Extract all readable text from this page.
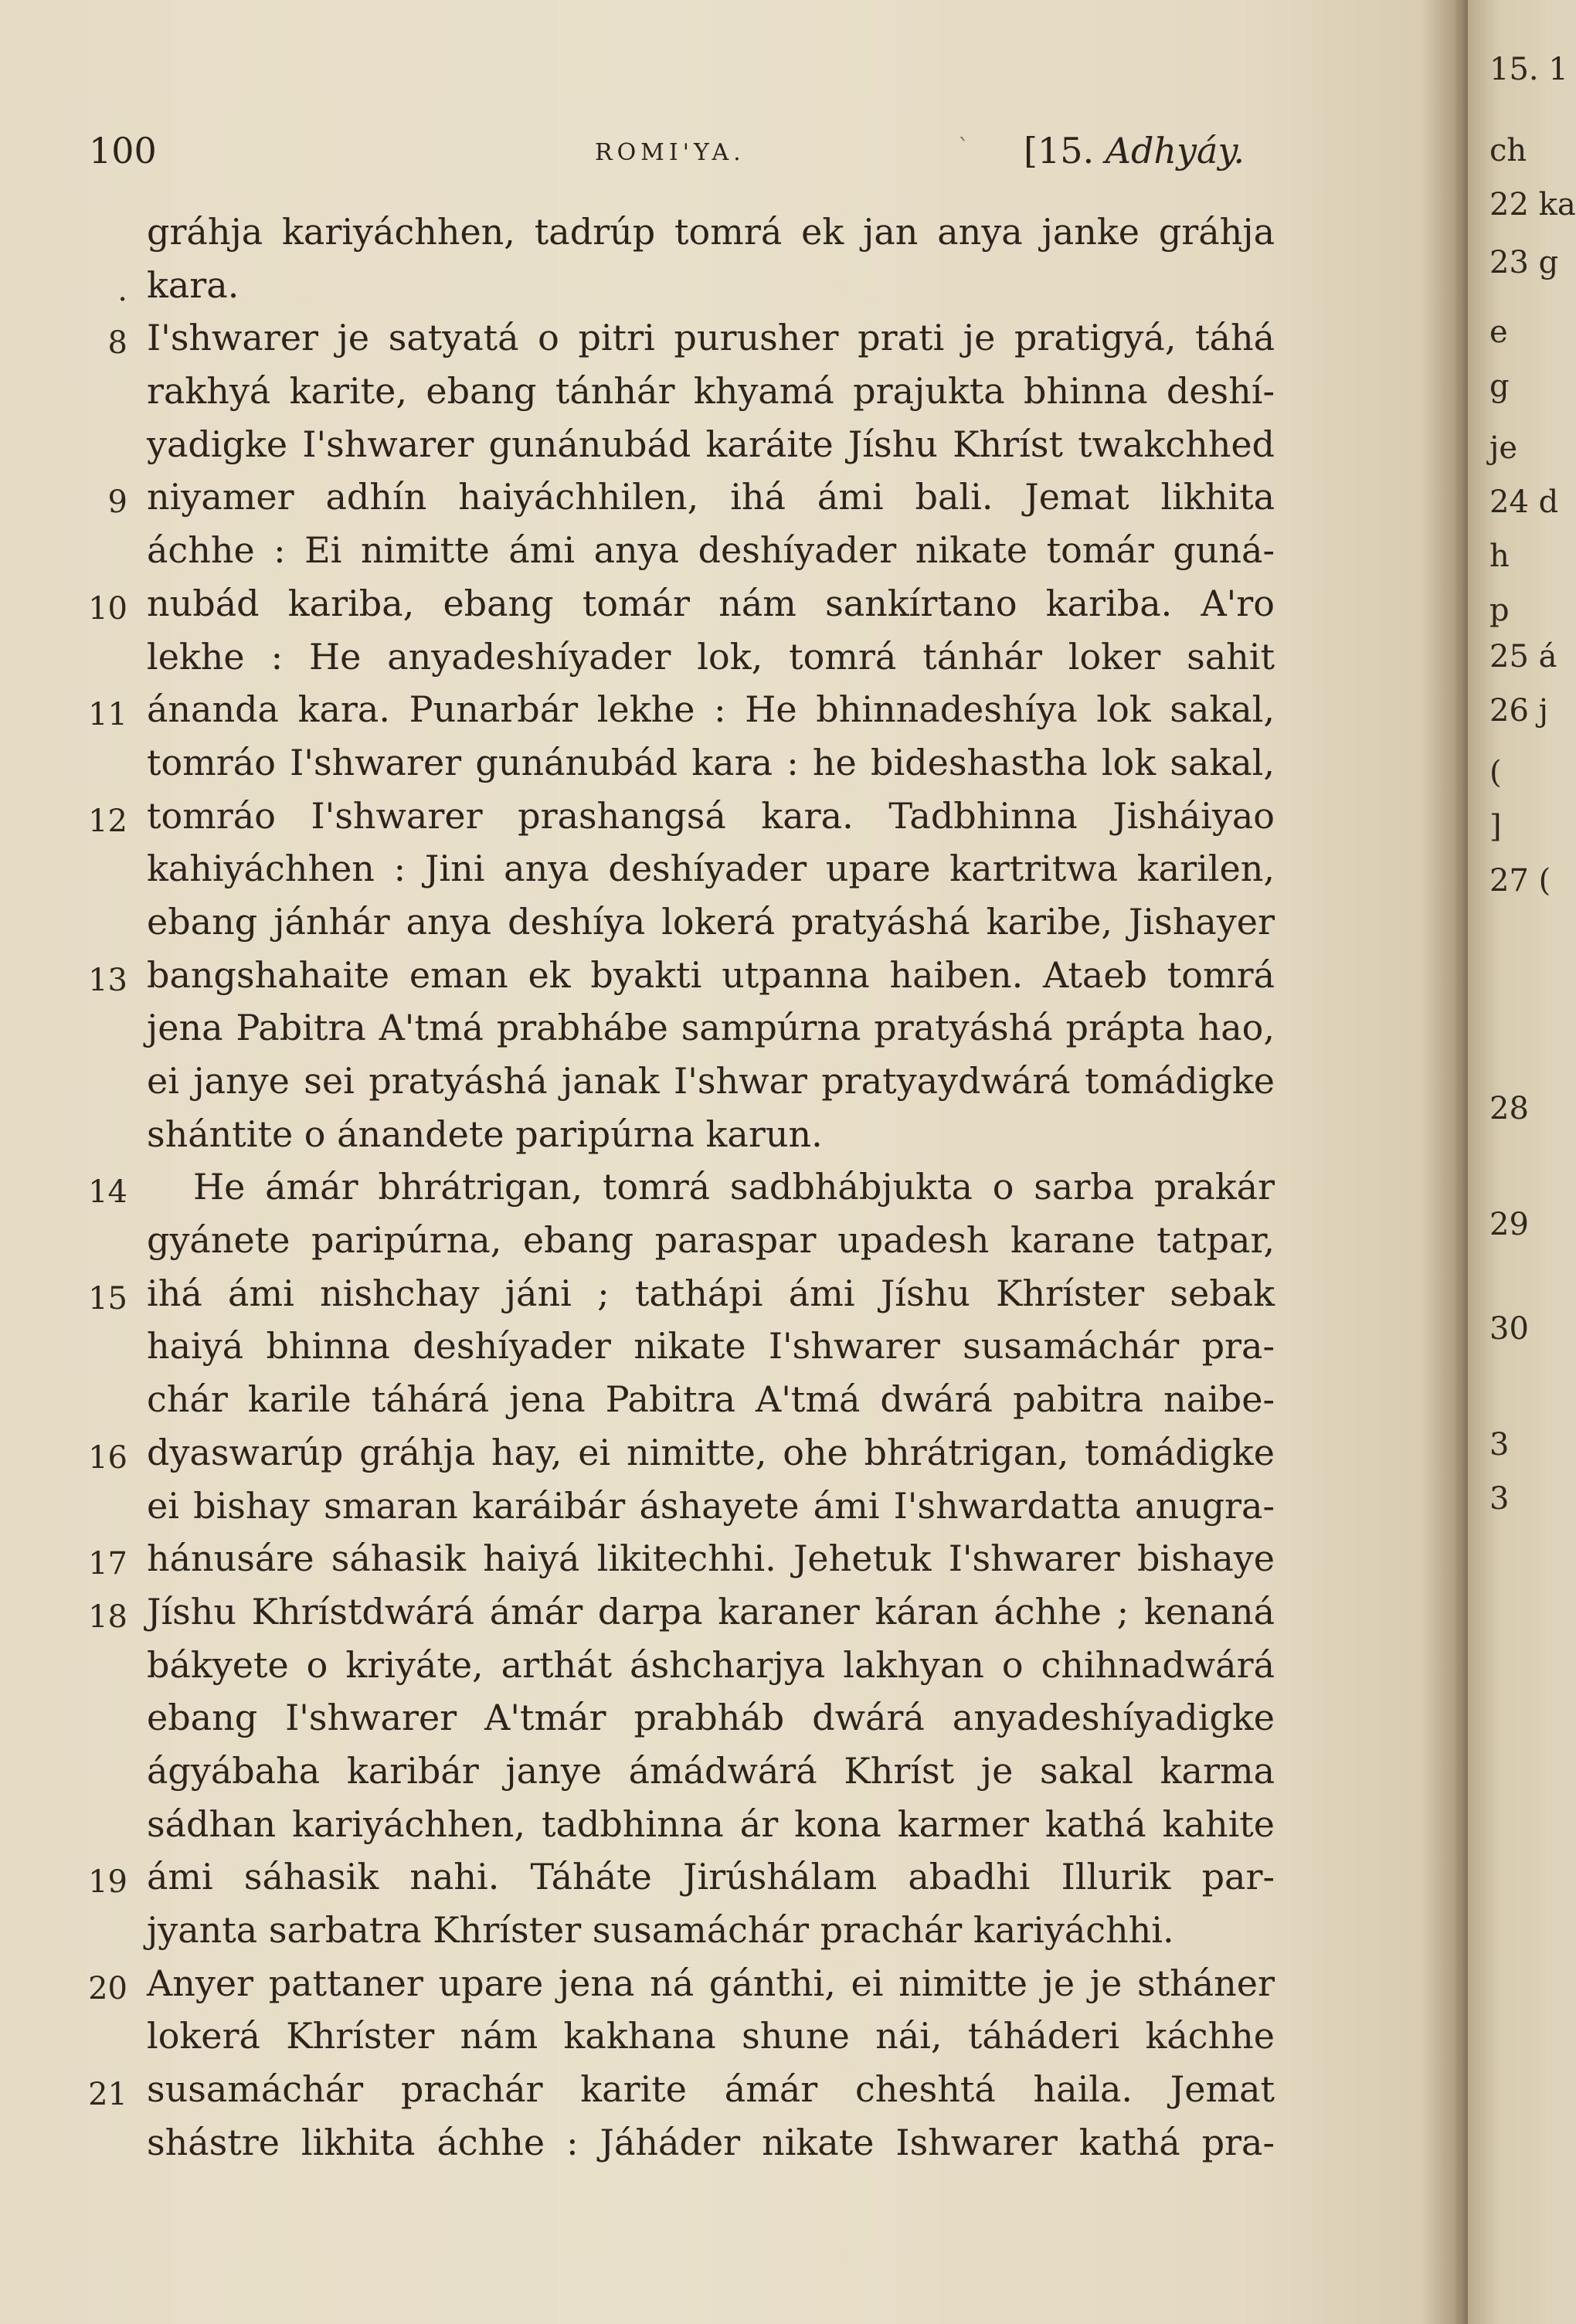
100	ROMI'YA.	ˋ [15. Adhyáy.
gráhja kariyáchhen, tadrúp tomrá ek jan anya janke gráhja
. kara.
8 I'shwarer je satyatá o pitri purusher prati je pratigyá, táhá
rakhyá karite, ebang tánhár khyamá prajukta bhinna deshí-
yadigke I'shwarer gunánubád karáite Jíshu Khríst twakchhed
9 niyamer adhín haiyáchhilen, ihá ámi bali. Jemat likhita
áchhe : Ei nimitte ámi anya deshíyader nikate tomár guná-
10 nubád kariba, ebang tomár nám sankírtano kariba. A'ro
lekhe : He anyadeshíyader lok, tomrá tánhár loker sahit
11 ánanda kara. Punarbár lekhe : He bhinnadeshíya lok sakal,
tomráo I'shwarer gunánubád kara : he bideshastha lok sakal,
12 tomráo I'shwarer prashangsá kara. Tadbhinna Jisháiyao
kahiyáchhen : Jini anya deshíyader upare kartritwa karilen,
ebang jánhár anya deshíya lokerá pratyáshá karibe, Jishayer
13 bangshahaite eman ek byakti utpanna haiben. Ataeb tomrá
jena Pabitra A'tmá prabhábe sampúrna pratyáshá prápta hao,
ei janye sei pratyáshá janak I'shwar pratyaydwárá tomádigke
shántite o ánandete paripúrna karun.
14 He ámár bhrátrigan, tomrá sadbhábjukta o sarba prakár
gyánete paripúrna, ebang paraspar upadesh karane tatpar,
15 ihá ámi nishchay jáni ; tathápi ámi Jíshu Khríster sebak
haiyá bhinna deshíyader nikate I'shwarer susamáchár pra-
chár karile táhárá jena Pabitra A'tmá dwárá pabitra naibe-
16 dyaswarúp gráhja hay, ei nimitte, ohe bhrátrigan, tomádigke
ei bishay smaran karáibár áshayete ámi I'shwardatta anugra-
17 hánusáre sáhasik haiyá likitechhi. Jehetuk I'shwarer bishaye
18 Jíshu Khrístdwárá ámár darpa karaner káran áchhe ; kenaná
bákyete o kriyáte, arthát áshcharjya lakhyan o chihnadwárá
ebang I'shwarer A'tmár prabháb dwárá anyadeshíyadigke
ágyábaha karibár janye ámádwárá Khríst je sakal karma
sádhan kariyáchhen, tadbhinna ár kona karmer kathá kahite
19 ámi sáhasik nahi. Táháte Jirúshálam abadhi Illurik par-
jyanta sarbatra Khríster susamáchár prachár kariyáchhi.
20 Anyer pattaner upare jena ná gánthi, ei nimitte je je stháner
lokerá Khríster nám kakhana shune nái, táháderi káchhe
21 susamáchár prachár karite ámár cheshtá haila. Jemat
shástre likhita áchhe : Jáháder nikate Ishwarer kathá pra-
15. 1
ch
22 ka
23 g
e
g
je
24 d
h
p
25 á
26 j
(
]
27 (
28
29
30
3
3
